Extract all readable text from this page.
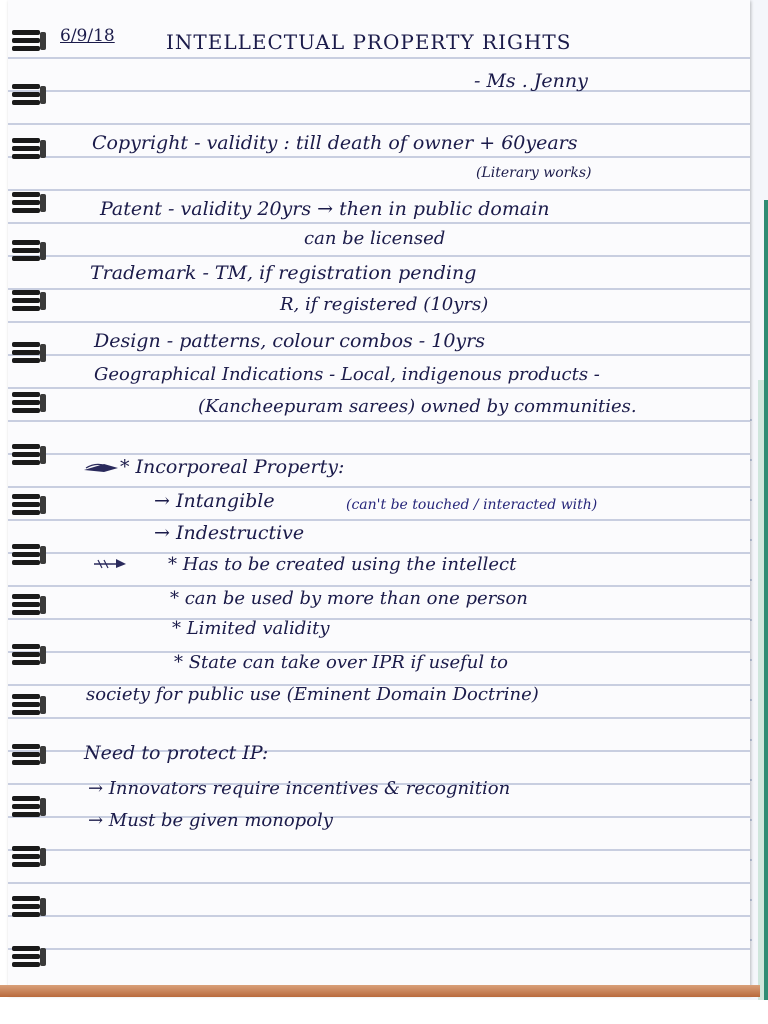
6/9/18	INTELLECTUAL PROPERTY RIGHTS

- Ms . Jenny

Copyright - validity : till death of owner + 60years

(Literary works)

Patent - validity 20yrs → then in public domain

can be licensed

Trademark - TM, if registration pending

R, if registered (10yrs)

Design - patterns, colour combos - 10yrs

Geographical Indications - Local, indigenous products -

(Kancheepuram sarees) owned by communities.

* Incorporeal Property:

→ Intangible	(can't be touched / interacted with)

→ Indestructive

* Has to be created using the intellect

* can be used by more than one person

* Limited validity

* State can take over IPR if useful to

society for public use (Eminent Domain Doctrine)

Need to protect IP:

→ Innovators require incentives & recognition

→ Must be given monopoly
